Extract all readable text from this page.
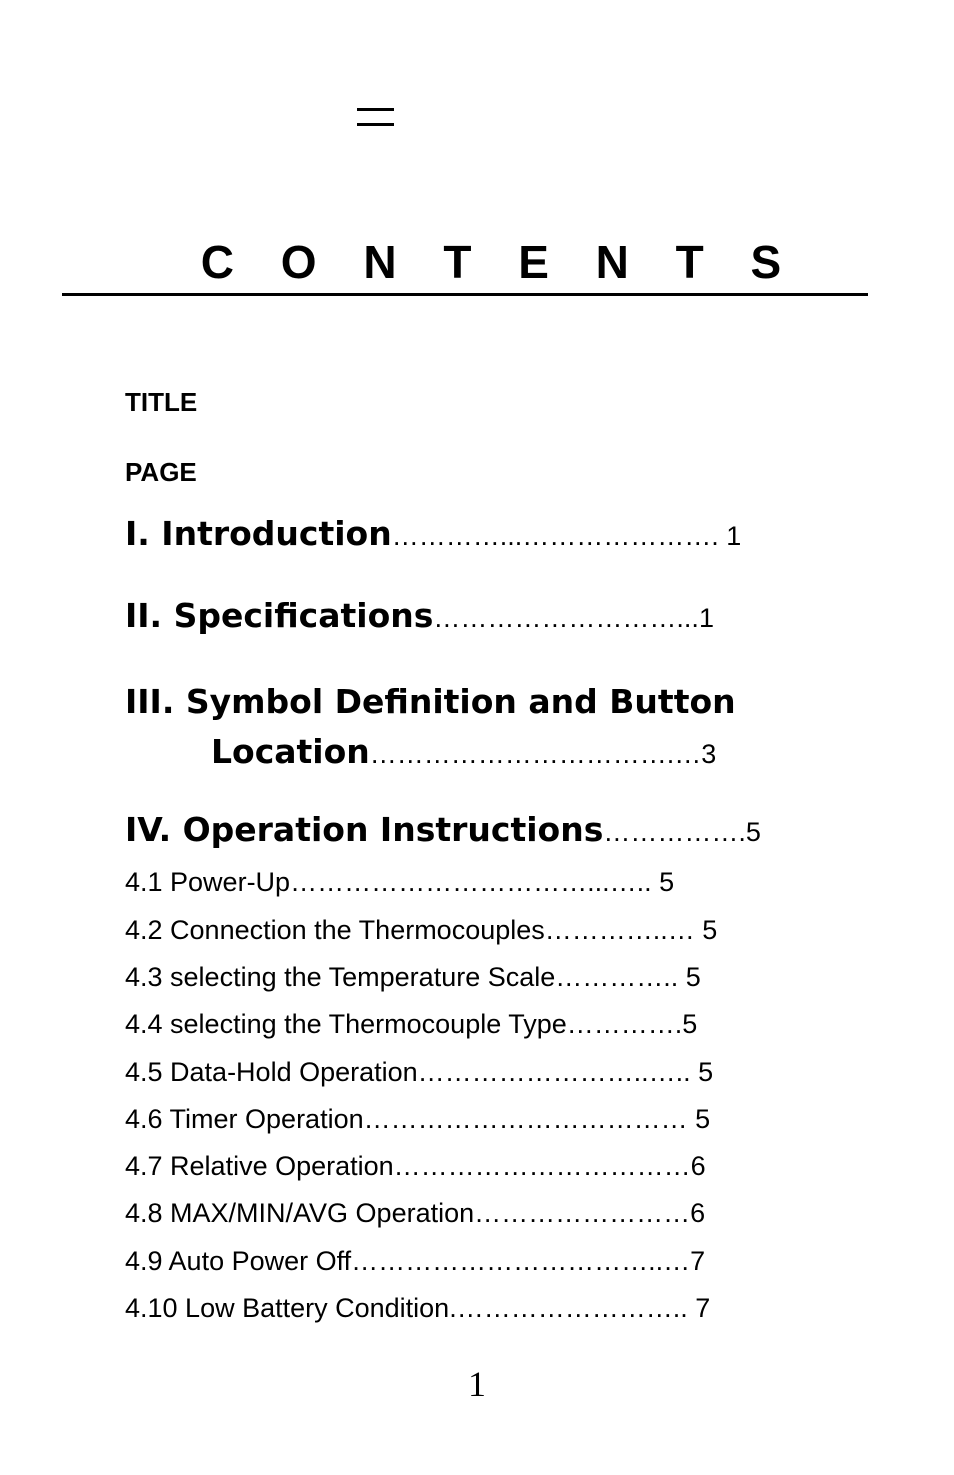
C O N T E N T S
TITLE
PAGE
I. Introduction…………...…………………. 1
II. Specifications………………………...1
III. Symbol Definition and Button
Location…………………………….…3
IV. Operation Instructions…………….5
4.1 Power-Up……………………………...….. 5
4.2 Connection the Thermocouples…………..… 5
4.3 selecting the Temperature Scale………….. 5
4.4 selecting the Thermocouple Type………….5
4.5 Data-Hold Operation……………………..….. 5
4.6 Timer Operation……………………………… 5
4.7 Relative Operation……………………………6
4.8 MAX/MIN/AVG Operation……………………6
4.9 Auto Power Off……………………………..…7
4.10 Low Battery Condition.…………………….. 7
1
